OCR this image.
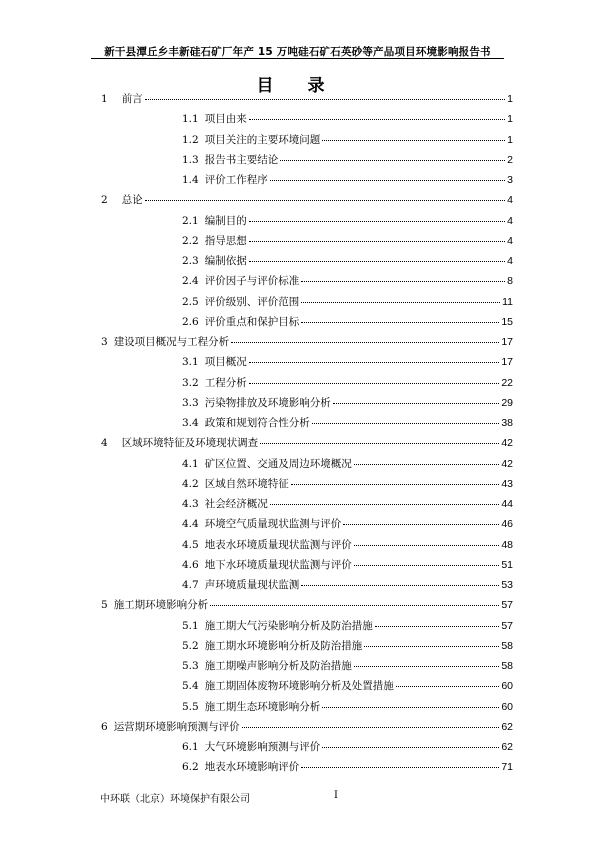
新干县潭丘乡丰新硅石矿厂年产 15 万吨硅石矿石英砂等产品项目环境影响报告书
目 录
1 前言	1
1.1 项目由来	1
1.2 项目关注的主要环境问题	1
1.3 报告书主要结论	2
1.4 评价工作程序	3
2 总论	4
2.1 编制目的	4
2.2 指导思想	4
2.3 编制依据	4
2.4 评价因子与评价标准	8
2.5 评价级别、评价范围	11
2.6 评价重点和保护目标	15
3 建设项目概况与工程分析	17
3.1 项目概况	17
3.2 工程分析	22
3.3 污染物排放及环境影响分析	29
3.4 政策和规划符合性分析	38
4 区域环境特征及环境现状调查	42
4.1 矿区位置、交通及周边环境概况	42
4.2 区域自然环境特征	43
4.3 社会经济概况	44
4.4 环境空气质量现状监测与评价	46
4.5 地表水环境质量现状监测与评价	48
4.6 地下水环境质量现状监测与评价	51
4.7 声环境质量现状监测	53
5 施工期环境影响分析	57
5.1 施工期大气污染影响分析及防治措施	57
5.2 施工期水环境影响分析及防治措施	58
5.3 施工期噪声影响分析及防治措施	58
5.4 施工期固体废物环境影响分析及处置措施	60
5.5 施工期生态环境影响分析	60
6 运营期环境影响预测与评价	62
6.1 大气环境影响预测与评价	62
6.2 地表水环境影响评价	71
中环联（北京）环境保护有限公司	I
